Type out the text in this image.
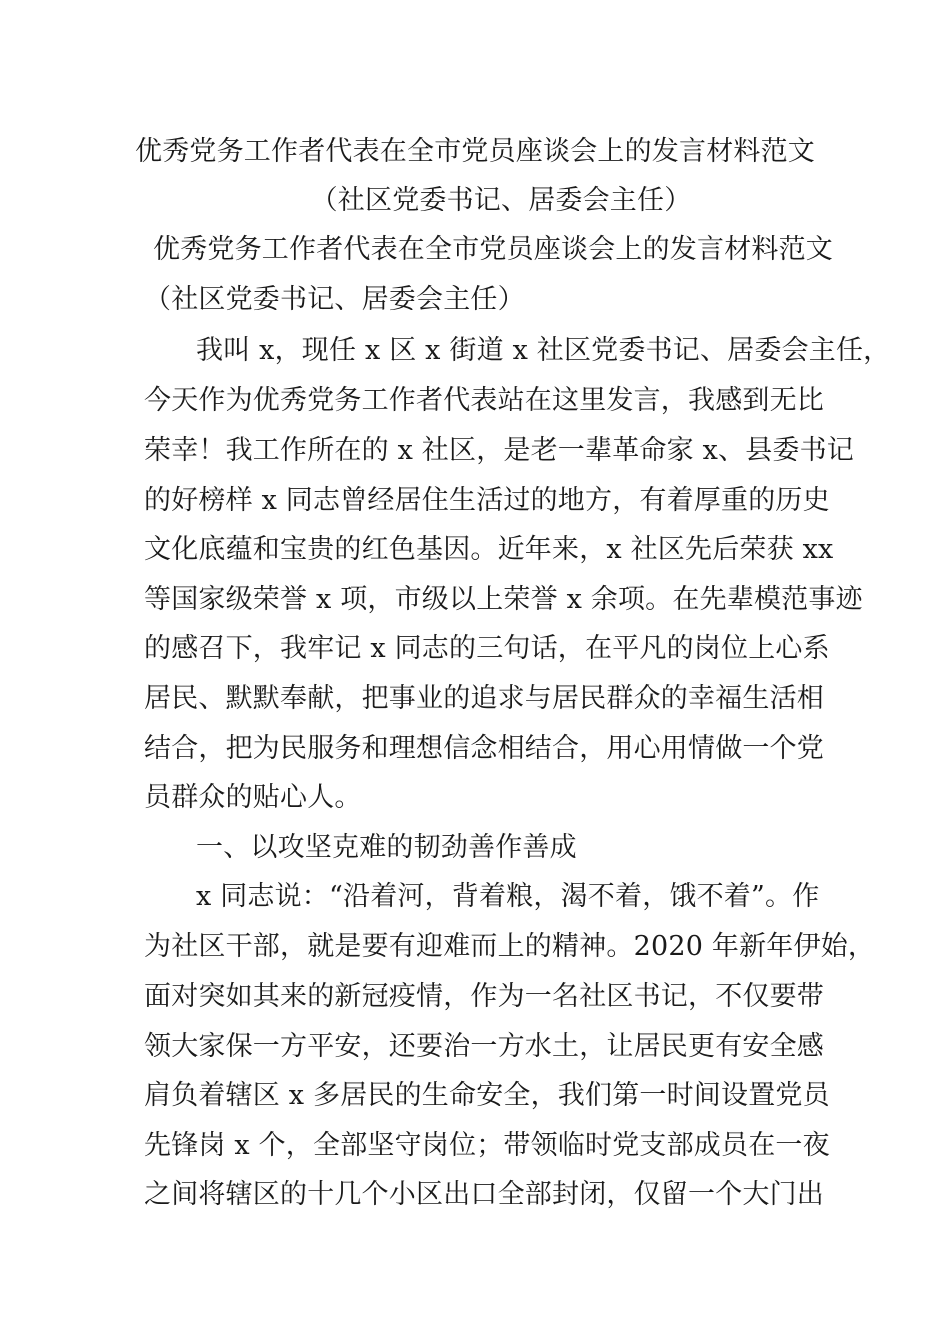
优秀党务工作者代表在全市党员座谈会上的发言材料范文
（社区党委书记、居委会主任）
优秀党务工作者代表在全市党员座谈会上的发言材料范文
（社区党委书记、居委会主任）
我叫 x，现任 x 区 x 街道 x 社区党委书记、居委会主任，
今天作为优秀党务工作者代表站在这里发言，我感到无比
荣幸！我工作所在的 x 社区，是老一辈革命家 x、县委书记
的好榜样 x 同志曾经居住生活过的地方，有着厚重的历史
文化底蕴和宝贵的红色基因。近年来，x 社区先后荣获 xx
等国家级荣誉 x 项，市级以上荣誉 x 余项。在先辈模范事迹
的感召下，我牢记 x 同志的三句话，在平凡的岗位上心系
居民、默默奉献，把事业的追求与居民群众的幸福生活相
结合，把为民服务和理想信念相结合，用心用情做一个党
员群众的贴心人。
一、以攻坚克难的韧劲善作善成
x 同志说：“沿着河，背着粮，渴不着，饿不着”。作
为社区干部，就是要有迎难而上的精神。2020 年新年伊始，
面对突如其来的新冠疫情，作为一名社区书记，不仅要带
领大家保一方平安，还要治一方水土，让居民更有安全感
肩负着辖区 x 多居民的生命安全，我们第一时间设置党员
先锋岗 x 个，全部坚守岗位；带领临时党支部成员在一夜
之间将辖区的十几个小区出口全部封闭，仅留一个大门出
